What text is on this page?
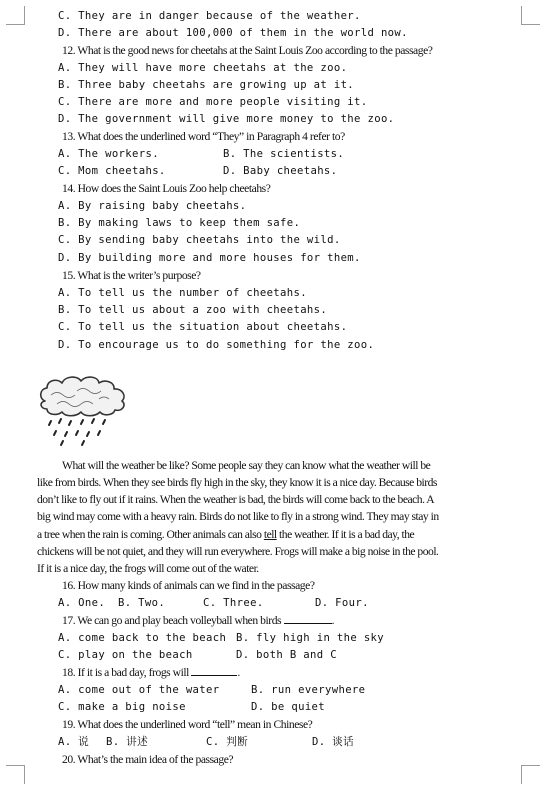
C. They are in danger because of the weather.
D. There are about 100,000 of them in the world now.
12. What is the good news for cheetahs at the Saint Louis Zoo according to the passage?
A. They will have more cheetahs at the zoo.
B. Three baby cheetahs are growing up at it.
C. There are more and more people visiting it.
D. The government will give more money to the zoo.
13. What does the underlined word “They” in Paragraph 4 refer to?
A. The workers.	B. The scientists.
C. Mom cheetahs.	D. Baby cheetahs.
14. How does the Saint Louis Zoo help cheetahs?
A. By raising baby cheetahs.
B. By making laws to keep them safe.
C. By sending baby cheetahs into the wild.
D. By building more and more houses for them.
15. What is the writer’s purpose?
A. To tell us the number of cheetahs.
B. To tell us about a zoo with cheetahs.
C. To tell us the situation about cheetahs.
D. To encourage us to do something for the zoo.
What will the weather be like? Some people say they can know what the weather will be
like from birds. When they see birds fly high in the sky, they know it is a nice day. Because birds
don’t like to fly out if it rains. When the weather is bad, the birds will come back to the beach. A
big wind may come with a heavy rain. Birds do not like to fly in a strong wind. They may stay in
a tree when the rain is coming. Other animals can also tell the weather. If it is a bad day, the
chickens will be not quiet, and they will run everywhere. Frogs will make a big noise in the pool.
If it is a nice day, the frogs will come out of the water.
16. How many kinds of animals can we find in the passage?
A. One. B. Two.	C. Three.	D. Four.
17. We can go and play beach volleyball when birds	.
A. come back to the beach B. fly high in the sky
C. play on the beach	D. both B and C
18. If it is a bad day, frogs will	.
A. come out of the water	B. run everywhere
C. make a big noise	D. be quiet
19. What does the underlined word “tell” mean in Chinese?
A. 说 B. 讲述	C. 判断	D. 谈话
20. What’s the main idea of the passage?
